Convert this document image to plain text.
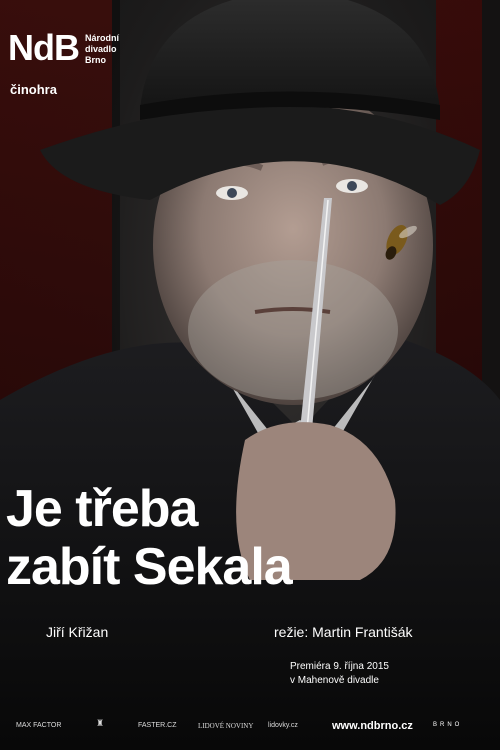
NdB Národní
divadlo
Brno
činohra
Je třeba
zabít Sekala
Jiří Křižan	režie: Martin Františák
Premiéra 9. října 2015
v Mahenově divadle
MAX FACTOR	♜	FASTER.CZ	LIDOVÉ NOVINY lidovky.cz	www.ndbrno.cz	BRNO
